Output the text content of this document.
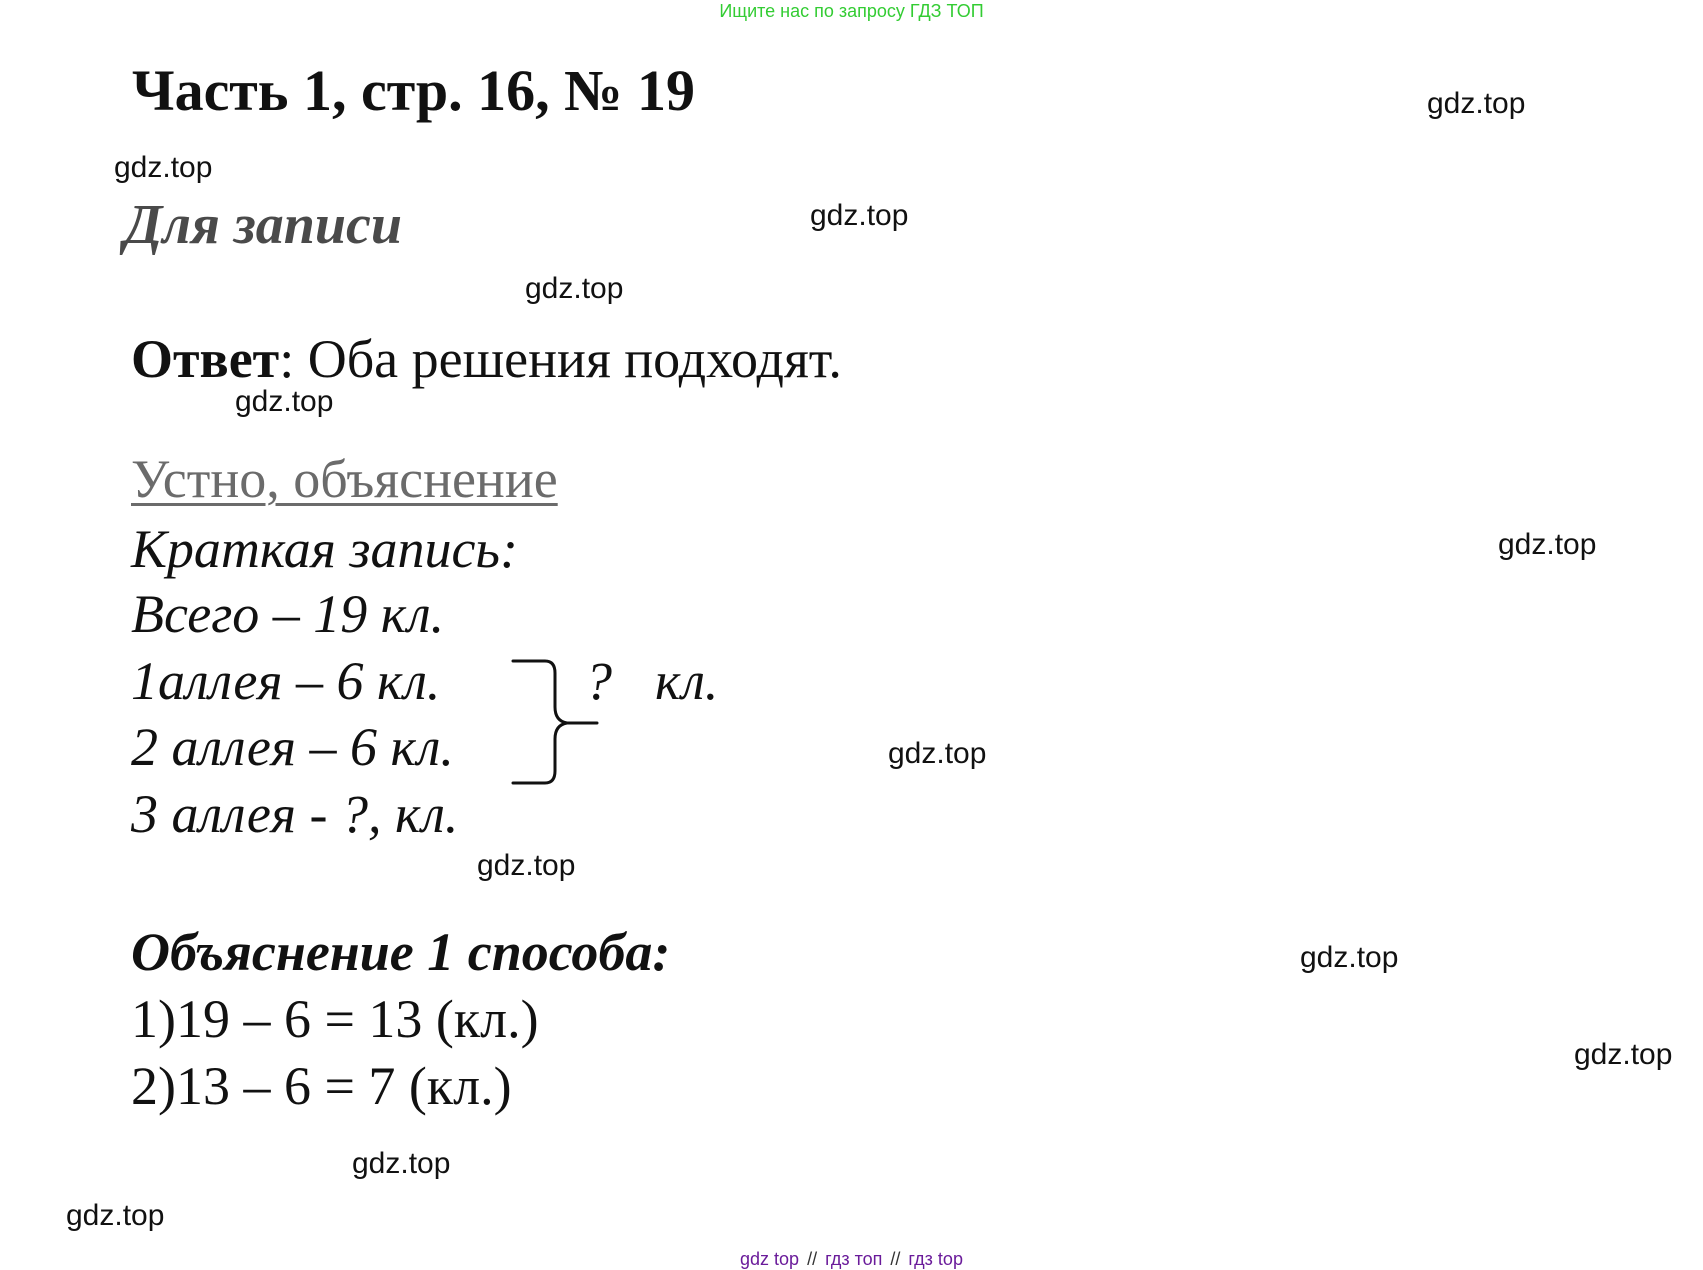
Ищите нас по запросу ГДЗ ТОП
Часть 1, стр. 16, № 19
Для записи
Ответ: Оба решения подходят.
Устно, объяснение
Краткая запись:
Всего – 19 кл.
1аллея – 6 кл.
2 аллея – 6 кл.
3 аллея - ?, кл.
? кл.
Объяснение 1 способа:
1)19 – 6 = 13 (кл.)
2)13 – 6 = 7 (кл.)
gdz.top
gdz.top
gdz.top
gdz.top
gdz.top
gdz.top
gdz.top
gdz.top
gdz.top
gdz.top
gdz.top
gdz.top
gdz top // гдз топ // гдз top
